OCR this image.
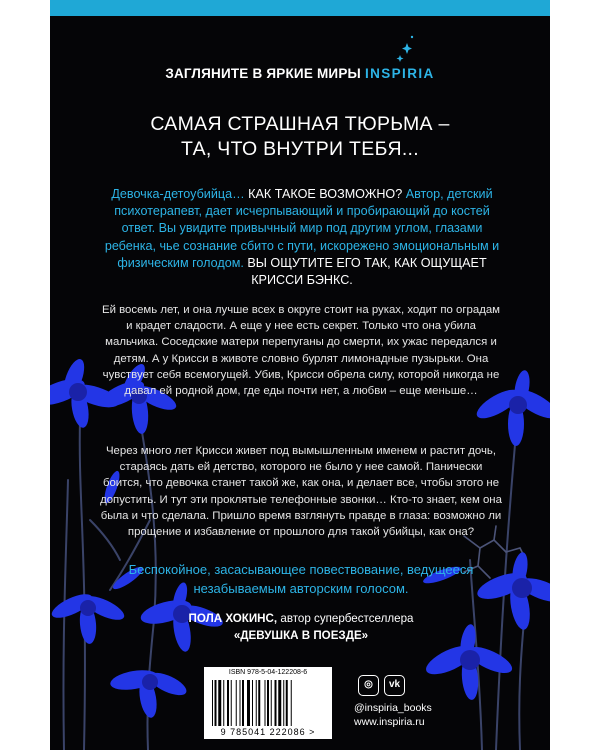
ЗАГЛЯНИТЕ В ЯРКИЕ МИРЫ INSPIRIA
САМАЯ СТРАШНАЯ ТЮРЬМА –
ТА, ЧТО ВНУТРИ ТЕБЯ...
Девочка-детоубийца… КАК ТАКОЕ ВОЗМОЖНО? Автор, детский психотерапевт, дает исчерпывающий и пробирающий до костей ответ. Вы увидите привычный мир под другим углом, глазами ребенка, чье сознание сбито с пути, искорежено эмоциональным и физическим голодом. ВЫ ОЩУТИТЕ ЕГО ТАК, КАК ОЩУЩАЕТ КРИССИ БЭНКС.
Ей восемь лет, и она лучше всех в округе стоит на руках, ходит по оградам и крадет сладости. А еще у нее есть секрет. Только что она убила мальчика. Соседские матери перепуганы до смерти, их ужас передался и детям. А у Крисси в животе словно бурлят лимонадные пузырьки. Она чувствует себя всемогущей. Убив, Крисси обрела силу, которой никогда не давал ей родной дом, где еды почти нет, а любви – еще меньше…
Через много лет Крисси живет под вымышленным именем и растит дочь, стараясь дать ей детство, которого не было у нее самой. Панически боится, что девочка станет такой же, как она, и делает все, чтобы этого не допустить. И тут эти проклятые телефонные звонки… Кто-то знает, кем она была и что сделала. Пришло время взглянуть правде в глаза: возможно ли прощение и избавление от прошлого для такой убийцы, как она?
Беспокойное, засасывающее повествование, ведущееся незабываемым авторским голосом.
ПОЛА ХОКИНС, автор супербестселлера
«ДЕВУШКА В ПОЕЗДЕ»
ISBN 978-5-04-122208-6
9 785041 222086 >
◎	vk
@inspiria_books
www.inspiria.ru
